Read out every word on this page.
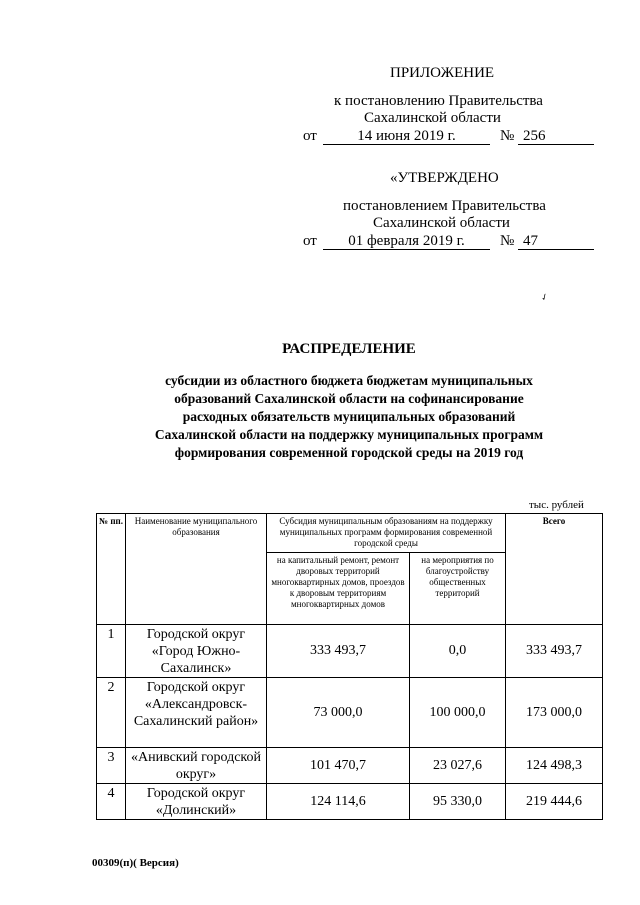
ПРИЛОЖЕНИЕ
к постановлению Правительства
Сахалинской области
от	14 июня 2019 г.	№ 256
«УТВЕРЖДЕНО
постановлением Правительства
Сахалинской области
от	01 февраля 2019 г.	№ 47
✓
РАСПРЕДЕЛЕНИЕ
субсидии из областного бюджета бюджетам муниципальных
образований Сахалинской области на софинансирование
расходных обязательств муниципальных образований
Сахалинской области на поддержку муниципальных программ
формирования современной городской среды на 2019 год
тыс. рублей
№ пп.	Наименование муниципального образования	Субсидия муниципальным образованиям на поддержку муниципальных программ формирования современной городской среды		Всего
		на капитальный ремонт, ремонт дворовых территорий многоквартирных домов, проездов к дворовым территориям многоквартирных домов	на мероприятия по благоустройству общественных территорий	
1	Городской округ «Город Южно-Сахалинск»	333 493,7	0,0	333 493,7
2	Городской округ «Александровск-Сахалинский район»	73 000,0	100 000,0	173 000,0
3	«Анивский городской округ»	101 470,7	23 027,6	124 498,3
4	Городской округ «Долинский»	124 114,6	95 330,0	219 444,6
00309(п)( Версия)
